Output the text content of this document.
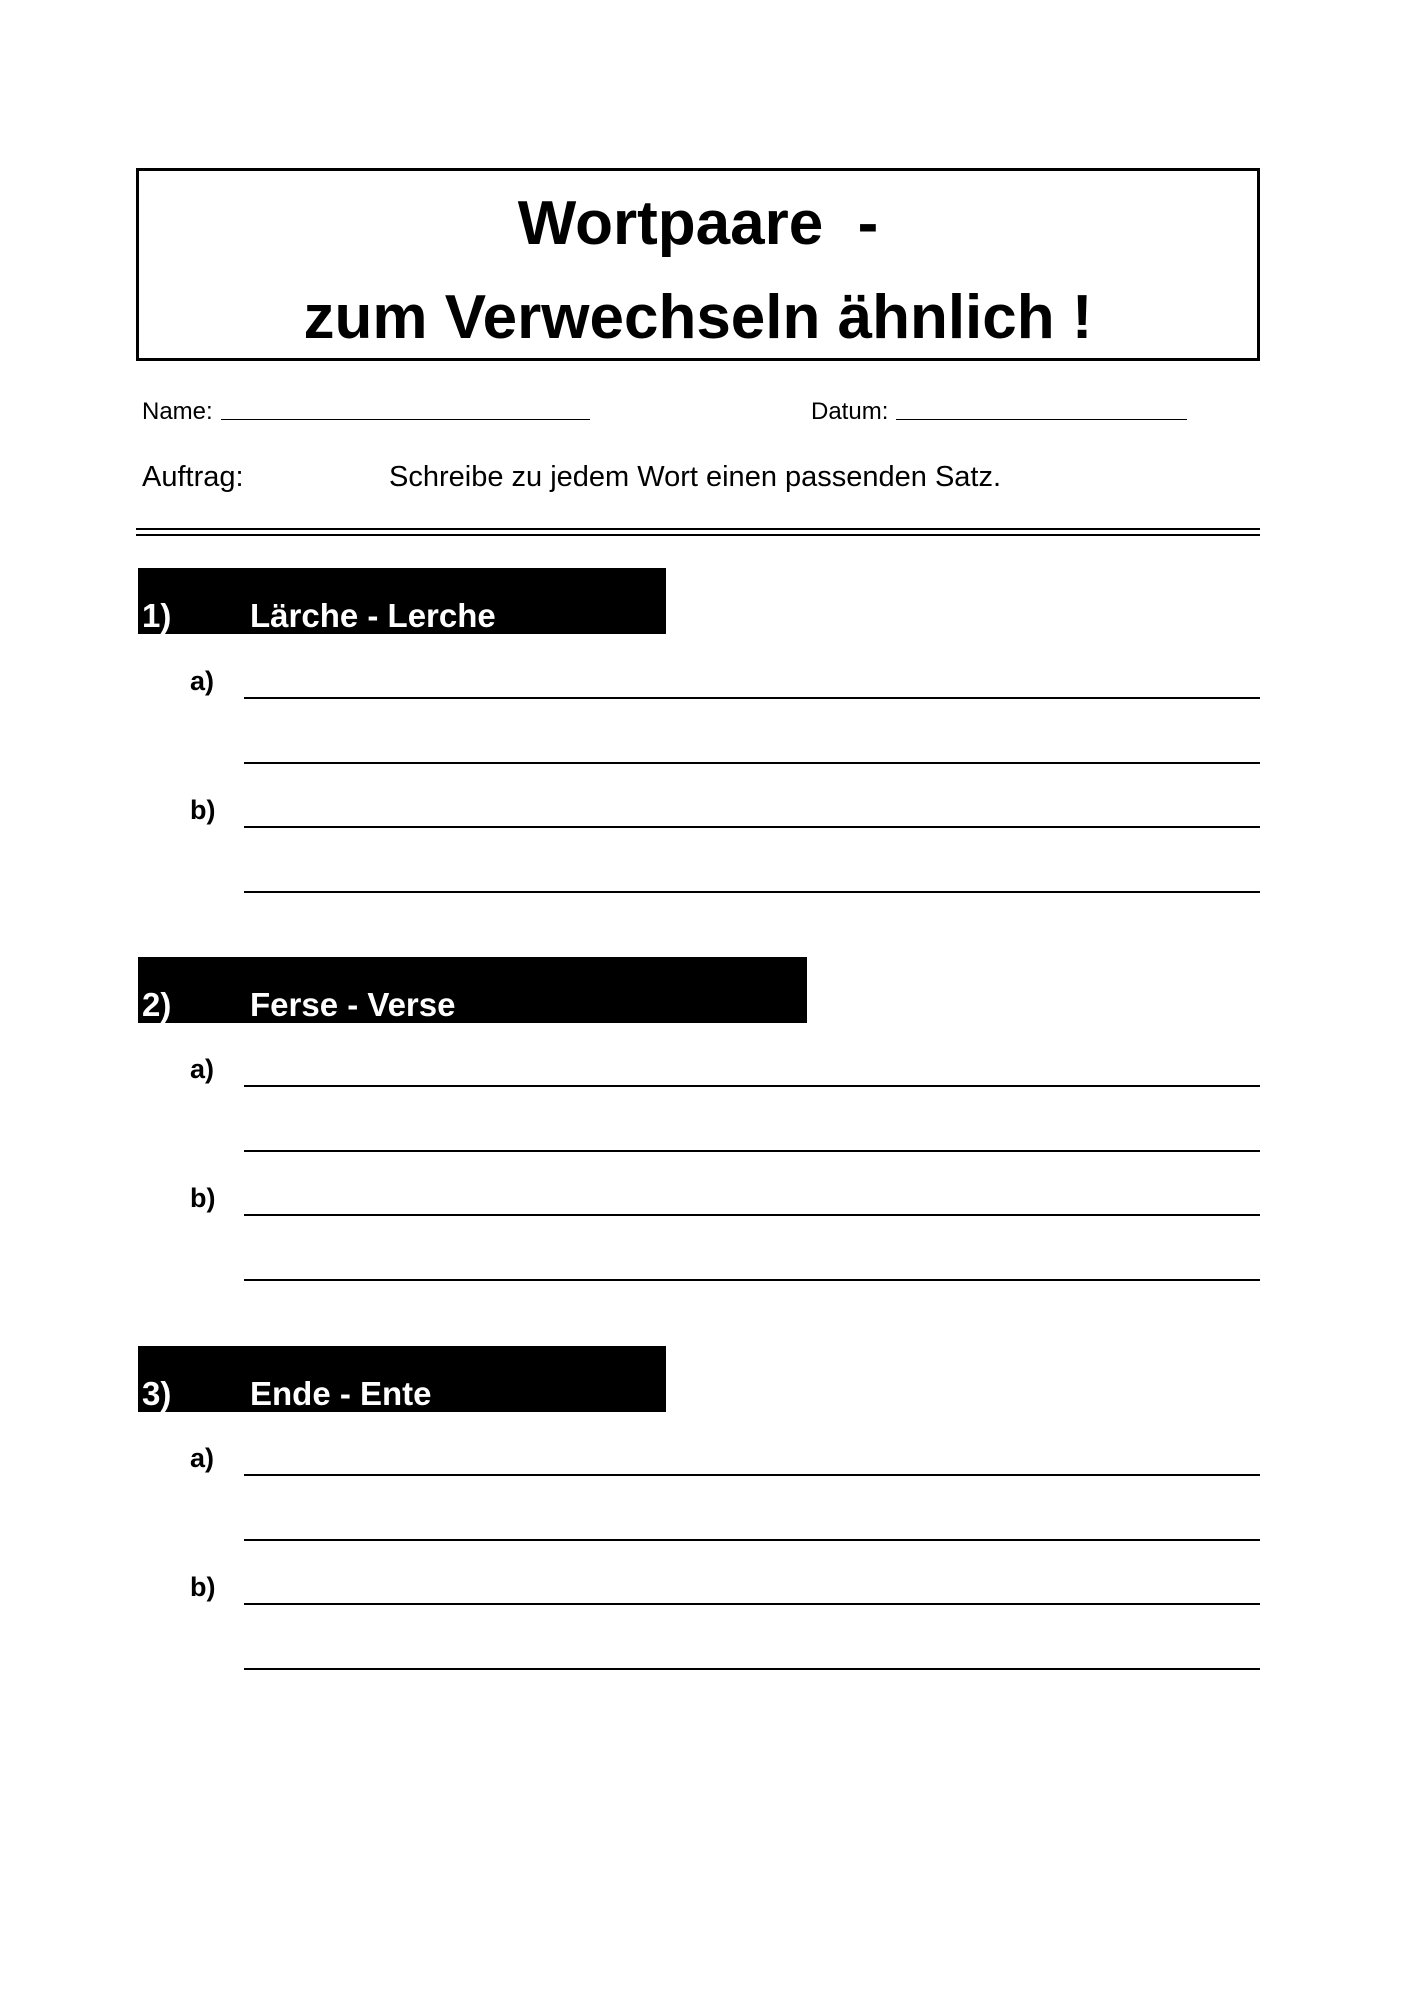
Wortpaare  -
zum Verwechseln ähnlich !
Name:	Datum:
Auftrag:	Schreibe zu jedem Wort einen passenden Satz.
1) Lärche - Lerche
a)
b)
2) Ferse - Verse
a)
b)
3) Ende - Ente
a)
b)
